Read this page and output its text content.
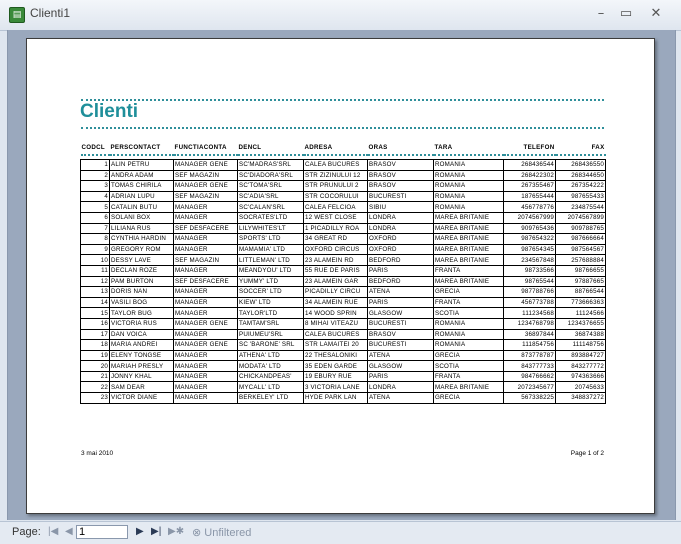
▤ Clienti1	–	▭	✕
Clienti
CODCL	PERSCONTACT	FUNCTIACONTA	DENCL	ADRESA	ORAS	TARA	TELEFON	FAX

1	ALIN PETRU	MANAGER GENE	SC'MADRAS'SRL	CALEA BUCURES	BRASOV	ROMANIA	268436544	268436550
2	ANDRA ADAM	SEF MAGAZIN	SC'DIADORA'SRL	STR ZIZINULUI 12	BRASOV	ROMANIA	268422302	268344650
3	TOMAS CHIRILA	MANAGER GENE	SC'TOMA'SRL	STR PRUNULUI 2	BRASOV	ROMANIA	267355467	267354222
4	ADRIAN LUPU	SEF MAGAZIN	SC'ADIA'SRL	STR COCORULUI	BUCURESTI	ROMANIA	187655444	987655433
5	CATALIN BUTU	MANAGER	SC'CALAN'SRL	CALEA FELCIOA	SIBIU	ROMANIA	456778776	234875544
6	SOLANI BOX	MANAGER	SOCRATES'LTD	12 WEST CLOSE	LONDRA	MAREA BRITANIE	2074567999	2074567899
7	LILIANA RUS	SEF DESFACERE	LILYWHITES'LT	1 PICADILLY ROA	LONDRA	MAREA BRITANIE	909765436	909788765
8	CYNTHIA HARDIN	MANAGER	SPORTS' LTD	34 GREAT RD	OXFORD	MAREA BRITANIE	987654322	987666664
9	GREGORY ROM	MANAGER	MAMAMIA' LTD	OXFORD CIRCUS	OXFORD	MAREA BRITANIE	987654345	987564567
10	DESSY LAVE	SEF MAGAZIN	LITTLEMAN' LTD	23 ALAMEIN RD	BEDFORD	MAREA BRITANIE	234567848	257688884
11	DECLAN ROZE	MANAGER	MEANDYOU' LTD	55 RUE DE PARIS	PARIS	FRANTA	98733566	98766655
12	PAM BURTON	SEF DESFACERE	YUMMY' LTD	23 ALAMEIN GAR	BEDFORD	MAREA BRITANIE	98765544	97887665
13	DORIS NAN	MANAGER	SOCCER' LTD	PICADILLY CIRCU	ATENA	GRECIA	987788766	88766544
14	VASILI BOG	MANAGER	KIEW' LTD	34 ALAMEIN RUE	PARIS	FRANTA	456773788	773666363
15	TAYLOR BUG	MANAGER	TAYLOR'LTD	14 WOOD SPRIN	GLASGOW	SCOTIA	111234568	11124566
16	VICTORIA RUS	MANAGER GENE	TAMTAM'SRL	8 MIHAI VITEAZU	BUCURESTI	ROMANIA	1234768798	1234376655
17	DAN VOICA	MANAGER	PUIUMEU'SRL	CALEA BUCURES	BRASOV	ROMANIA	36897844	36874388
18	MARIA ANDREI	MANAGER GENE	SC 'BARONE' SRL	STR LAMAITEI 20	BUCURESTI	ROMANIA	111854756	111148756
19	ELENY TONGSE	MANAGER	ATHENA' LTD	22 THESALONIKI	ATENA	GRECIA	873778787	893884727
20	MARIAH PRESLY	MANAGER	MODATA' LTD	35 EDEN GARDE	GLASGOW	SCOTIA	843777733	843277772
21	JONNY KHAL	MANAGER	CHICKANDPEAS'	19 EBURY RUE	PARIS	FRANTA	984766662	974363666
22	SAM DEAR	MANAGER	MYCALL' LTD	3 VICTORIA LANE	LONDRA	MAREA BRITANIE	2072345677	20745633
23	VICTOR DIANE	MANAGER	BERKELEY' LTD	HYDE PARK LAN	ATENA	GRECIA	567338225	348837272
3 mai 2010	Page 1 of 2
Page: |◀ ◀
1	▶ ▶| ▶✱ ⊗ Unfiltered
